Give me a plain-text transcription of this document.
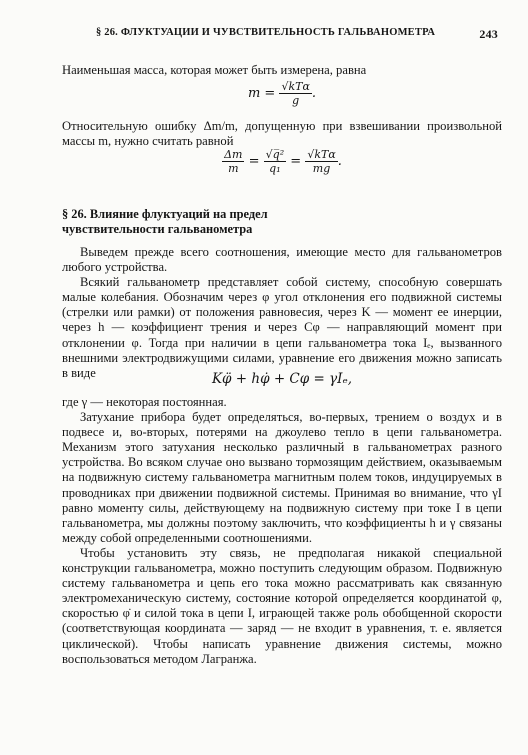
§ 26. ФЛУКТУАЦИИ И ЧУВСТВИТЕЛЬНОСТЬ ГАЛЬВАНОМЕТРА	243

Наименьшая масса, которая может быть измерена, равна

$m = \frac{\text{√kTα}}{g}$ .

Относительную ошибку Δm/m, допущенную при взвешивании произвольной массы m, нужно считать равной

$\frac{\Delta m}{m} = \frac{\text{√q̅²}}{\text{q₁}} = \frac{\text{√kTα}}{mg}$ .
§ 26. Влияние флуктуаций на предел
чувствительности гальванометра

Выведем прежде всего соотношения, имеющие место для гальванометров любого устройства.

Всякий гальванометр представляет собой систему, способную совершать малые колебания. Обозначим через φ угол отклонения его подвижной системы (стрелки или рамки) от положения равновесия, через K — момент ее инерции, через h — коэффициент трения и через Cφ — направляющий момент при отклонении φ. Тогда при наличии в цепи гальванометра тока Iₑ, вызванного внешними электродвижущими силами, уравнение его движения можно записать в виде	Kφ̈ + hφ̇ + Cφ = γIₑ,

где γ — некоторая постоянная.

Затухание прибора будет определяться, во-первых, трением о воздух и в подвесе и, во-вторых, потерями на джоулево тепло в цепи гальванометра. Механизм этого затухания несколько различный в гальванометрах разного устройства. Во всяком случае оно вызвано тормозящим действием, оказываемым на подвижную систему гальванометра магнитным полем токов, индуцируемых в проводниках при движении подвижной системы. Принимая во внимание, что γI равно моменту силы, действующему на подвижную систему при токе I в цепи гальванометра, мы должны поэтому заключить, что коэффициенты h и γ связаны между собой определенными соотношениями.

Чтобы установить эту связь, не предполагая никакой специальной конструкции гальванометра, можно поступить следующим образом. Подвижную систему гальванометра и цепь его тока можно рассматривать как связанную электромеханическую систему, состояние которой определяется координатой φ, скоростью φ̇ и силой тока в цепи I, играющей также роль обобщенной скорости (соответствующая координата — заряд — не входит в уравнения, т. е. является циклической). Чтобы написать уравнение движения системы, можно воспользоваться методом Лагранжа.
